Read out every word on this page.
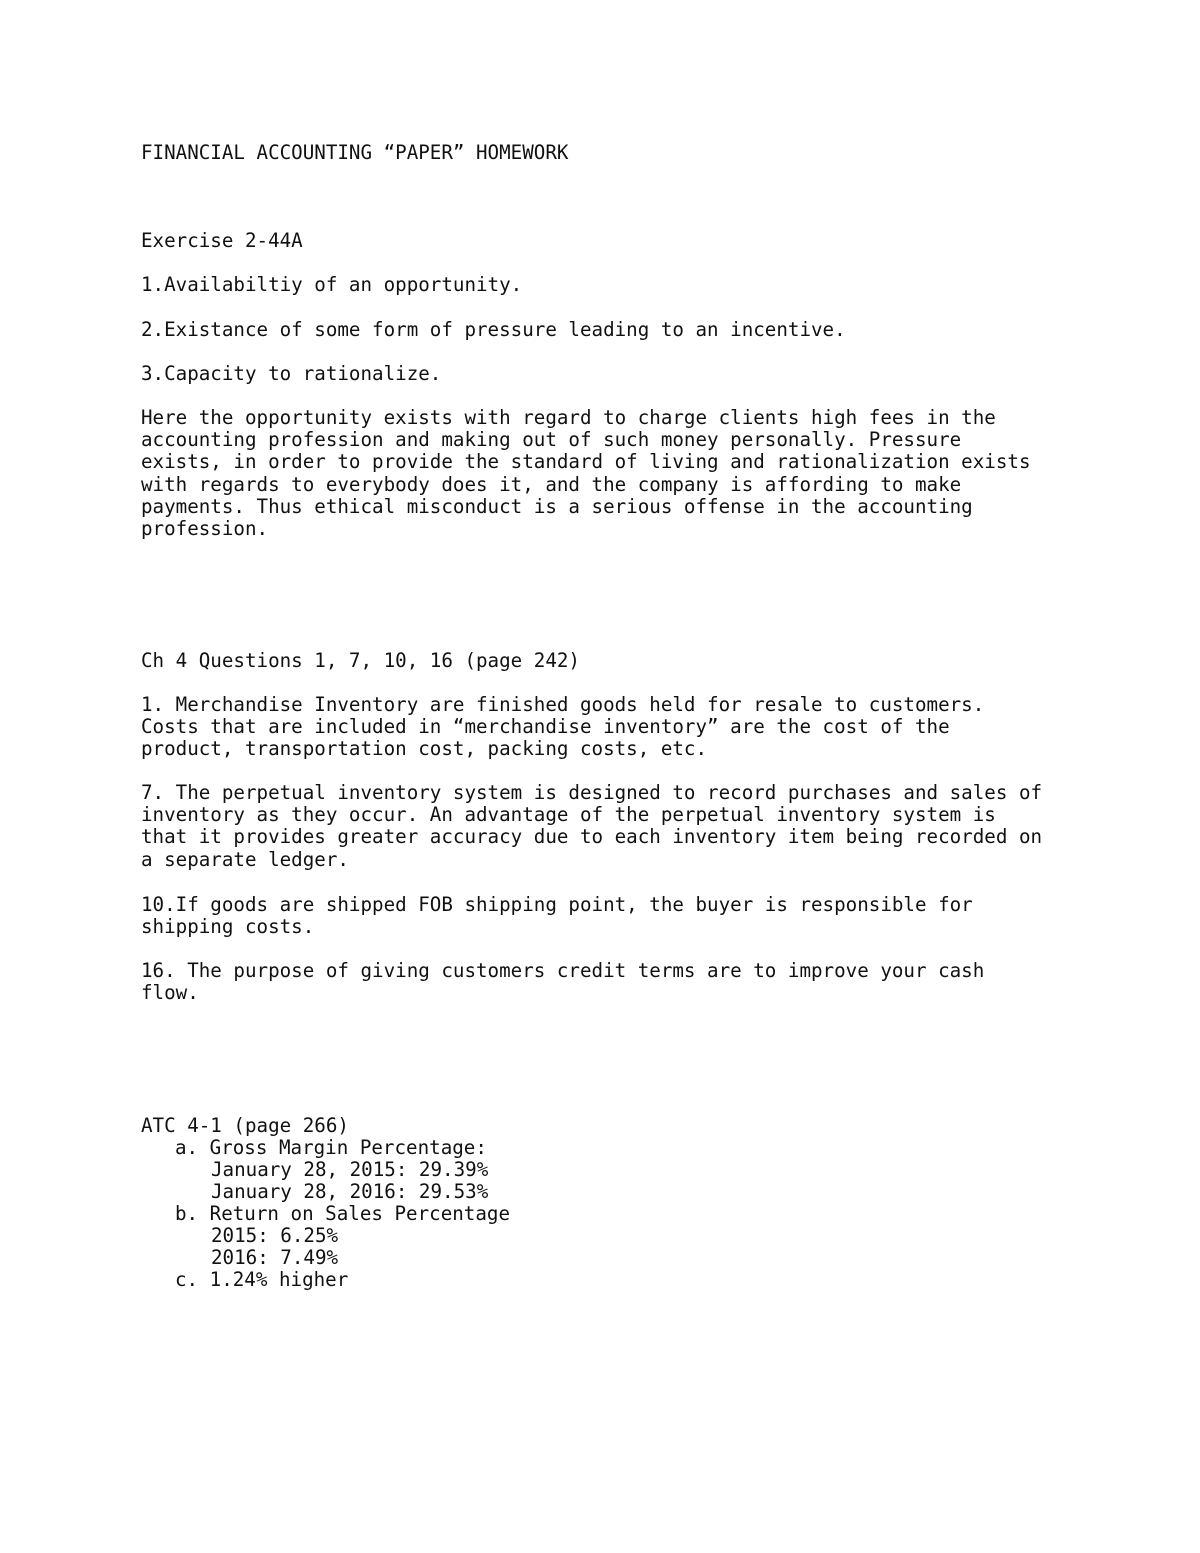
FINANCIAL ACCOUNTING “PAPER” HOMEWORK

Exercise 2-44A

1.Availabiltiy of an opportunity.

2.Existance of some form of pressure leading to an incentive.

3.Capacity to rationalize.

Here the opportunity exists with regard to charge clients high fees in the
accounting profession and making out of such money personally. Pressure
exists, in order to provide the standard of living and rationalization exists
with regards to everybody does it, and the company is affording to make
payments. Thus ethical misconduct is a serious offense in the accounting
profession.

Ch 4 Questions 1, 7, 10, 16 (page 242)

1. Merchandise Inventory are finished goods held for resale to customers.
Costs that are included in “merchandise inventory” are the cost of the
product, transportation cost, packing costs, etc.
7. The perpetual inventory system is designed to record purchases and sales of
inventory as they occur. An advantage of the perpetual inventory system is
that it provides greater accuracy due to each inventory item being recorded on
a separate ledger.
10.If goods are shipped FOB shipping point, the buyer is responsible for
shipping costs.
16. The purpose of giving customers credit terms are to improve your cash
flow.

ATC 4-1 (page 266)

a. Gross Margin Percentage:

January 28, 2015: 29.39%

January 28, 2016: 29.53%

b. Return on Sales Percentage

2015: 6.25%

2016: 7.49%

c. 1.24% higher
